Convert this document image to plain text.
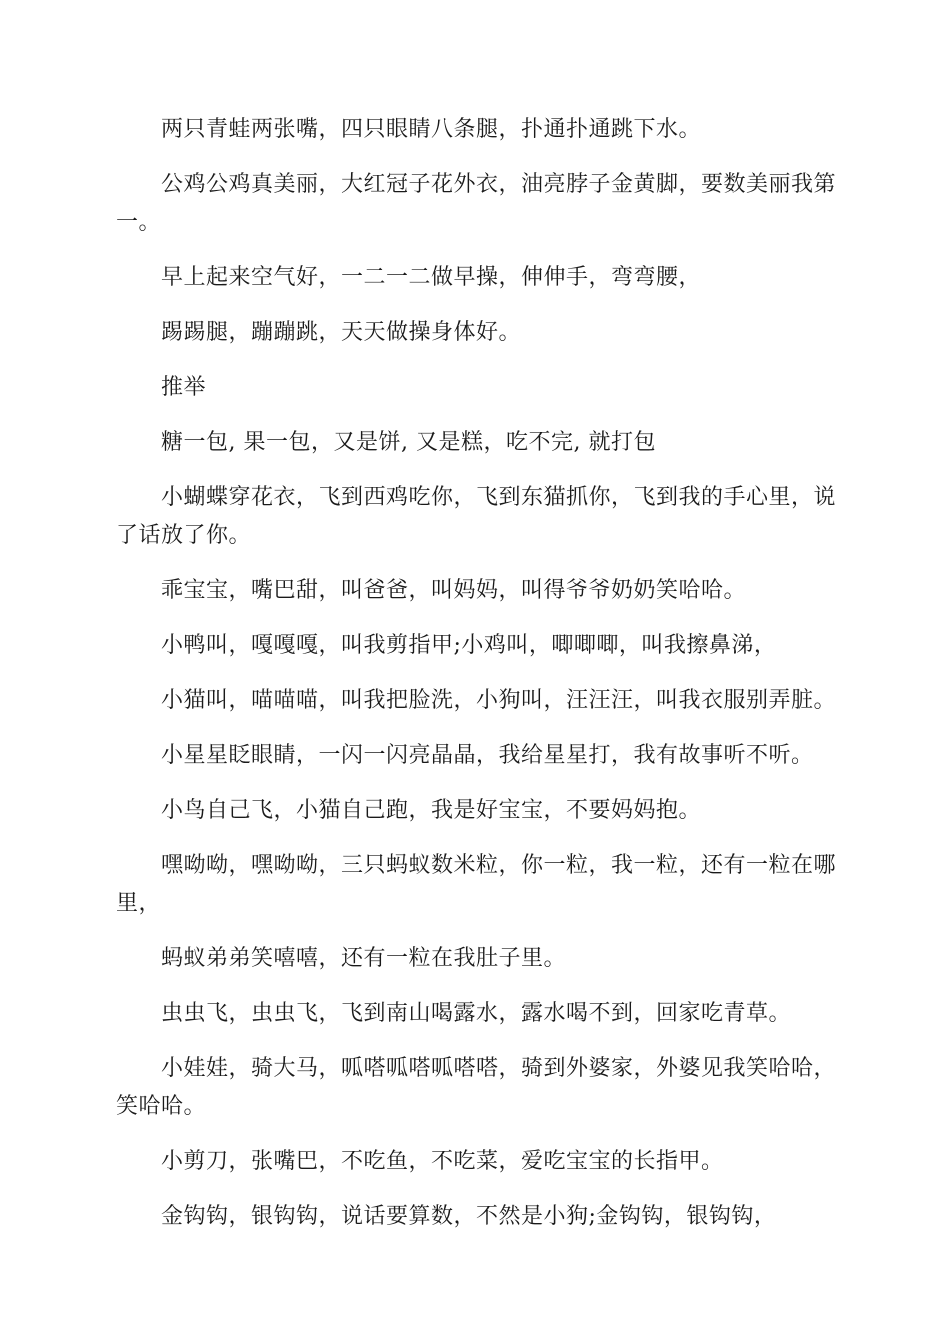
两只青蛙两张嘴，四只眼睛八条腿，扑通扑通跳下水。

公鸡公鸡真美丽，大红冠子花外衣，油亮脖子金黄脚，要数美丽我第一。

早上起来空气好，一二一二做早操，伸伸手，弯弯腰，

踢踢腿，蹦蹦跳，天天做操身体好。

推举

糖一包, 果一包，又是饼, 又是糕，吃不完, 就打包

小蝴蝶穿花衣，飞到西鸡吃你，飞到东猫抓你，飞到我的手心里，说了话放了你。

乖宝宝，嘴巴甜，叫爸爸，叫妈妈，叫得爷爷奶奶笑哈哈。

小鸭叫，嘎嘎嘎，叫我剪指甲;小鸡叫，唧唧唧，叫我擦鼻涕，

小猫叫，喵喵喵，叫我把脸洗，小狗叫，汪汪汪，叫我衣服别弄脏。

小星星眨眼睛，一闪一闪亮晶晶，我给星星打，我有故事听不听。

小鸟自己飞，小猫自己跑，我是好宝宝，不要妈妈抱。

嘿呦呦，嘿呦呦，三只蚂蚁数米粒，你一粒，我一粒，还有一粒在哪里，

蚂蚁弟弟笑嘻嘻，还有一粒在我肚子里。

虫虫飞，虫虫飞，飞到南山喝露水，露水喝不到，回家吃青草。

小娃娃，骑大马，呱嗒呱嗒呱嗒嗒，骑到外婆家，外婆见我笑哈哈，笑哈哈。

小剪刀，张嘴巴，不吃鱼，不吃菜，爱吃宝宝的长指甲。

金钩钩，银钩钩，说话要算数，不然是小狗;金钩钩，银钩钩，
